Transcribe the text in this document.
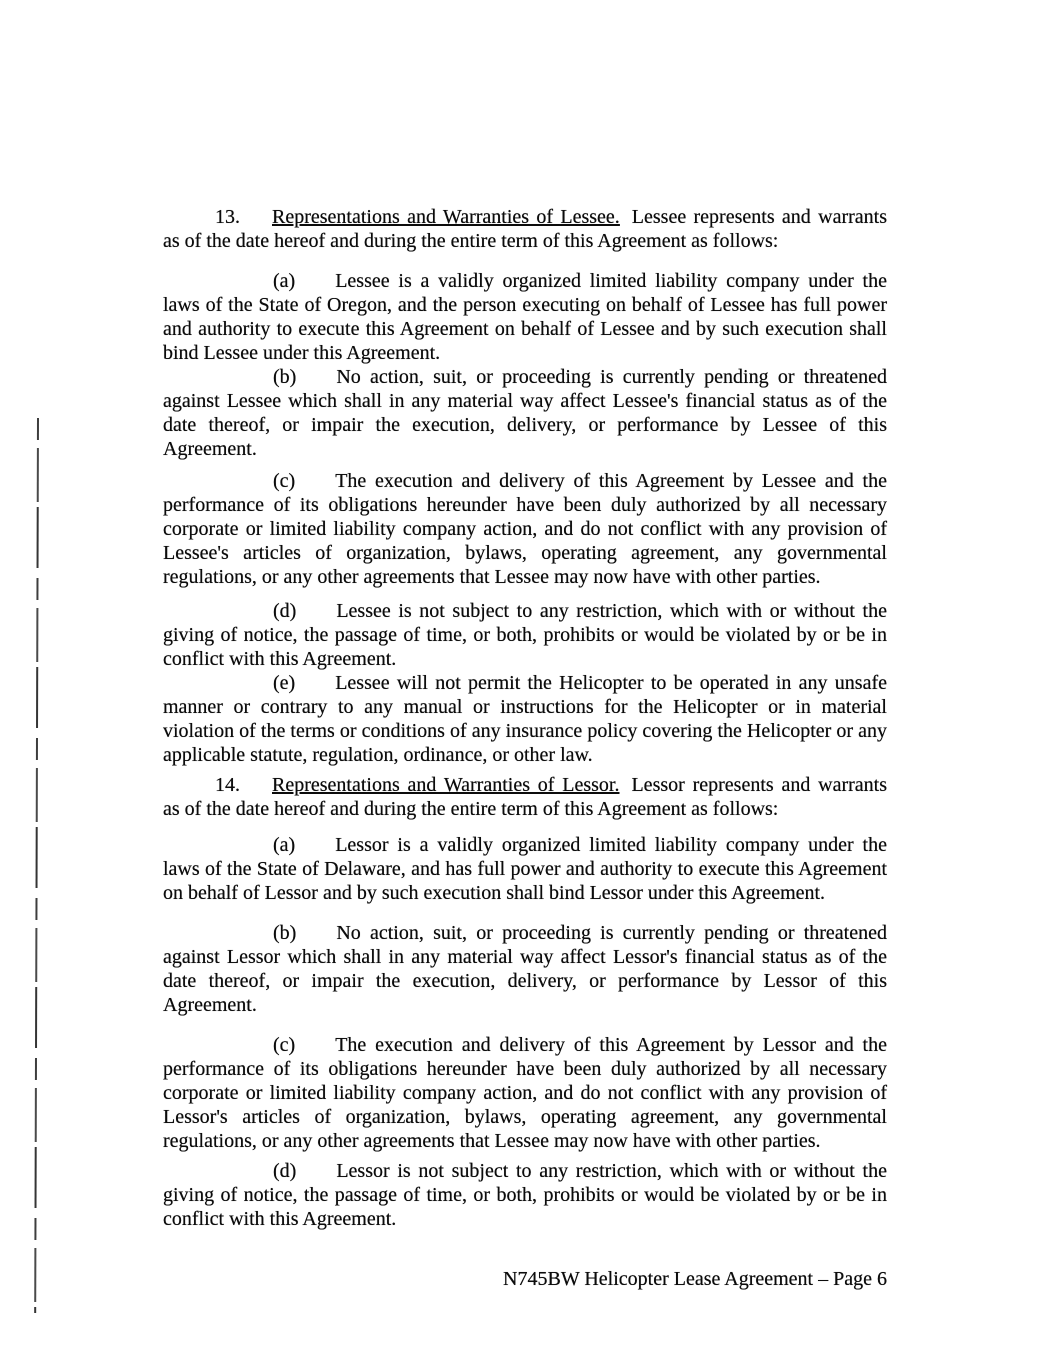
13. Representations and Warranties of Lessee. Lessee represents and warrants as of the date hereof and during the entire term of this Agreement as follows:

(a) Lessee is a validly organized limited liability company under the laws of the State of Oregon, and the person executing on behalf of Lessee has full power and authority to execute this Agreement on behalf of Lessee and by such execution shall bind Lessee under this Agreement.

(b) No action, suit, or proceeding is currently pending or threatened against Lessee which shall in any material way affect Lessee's financial status as of the date thereof, or impair the execution, delivery, or performance by Lessee of this Agreement.

(c) The execution and delivery of this Agreement by Lessee and the performance of its obligations hereunder have been duly authorized by all necessary corporate or limited liability company action, and do not conflict with any provision of Lessee's articles of organization, bylaws, operating agreement, any governmental regulations, or any other agreements that Lessee may now have with other parties.

(d) Lessee is not subject to any restriction, which with or without the giving of notice, the passage of time, or both, prohibits or would be violated by or be in conflict with this Agreement.

(e) Lessee will not permit the Helicopter to be operated in any unsafe manner or contrary to any manual or instructions for the Helicopter or in material violation of the terms or conditions of any insurance policy covering the Helicopter or any applicable statute, regulation, ordinance, or other law.

14. Representations and Warranties of Lessor. Lessor represents and warrants as of the date hereof and during the entire term of this Agreement as follows:

(a) Lessor is a validly organized limited liability company under the laws of the State of Delaware, and has full power and authority to execute this Agreement on behalf of Lessor and by such execution shall bind Lessor under this Agreement.

(b) No action, suit, or proceeding is currently pending or threatened against Lessor which shall in any material way affect Lessor's financial status as of the date thereof, or impair the execution, delivery, or performance by Lessor of this Agreement.

(c) The execution and delivery of this Agreement by Lessor and the performance of its obligations hereunder have been duly authorized by all necessary corporate or limited liability company action, and do not conflict with any provision of Lessor's articles of organization, bylaws, operating agreement, any governmental regulations, or any other agreements that Lessee may now have with other parties.

(d) Lessor is not subject to any restriction, which with or without the giving of notice, the passage of time, or both, prohibits or would be violated by or be in conflict with this Agreement.

N745BW Helicopter Lease Agreement – Page 6
